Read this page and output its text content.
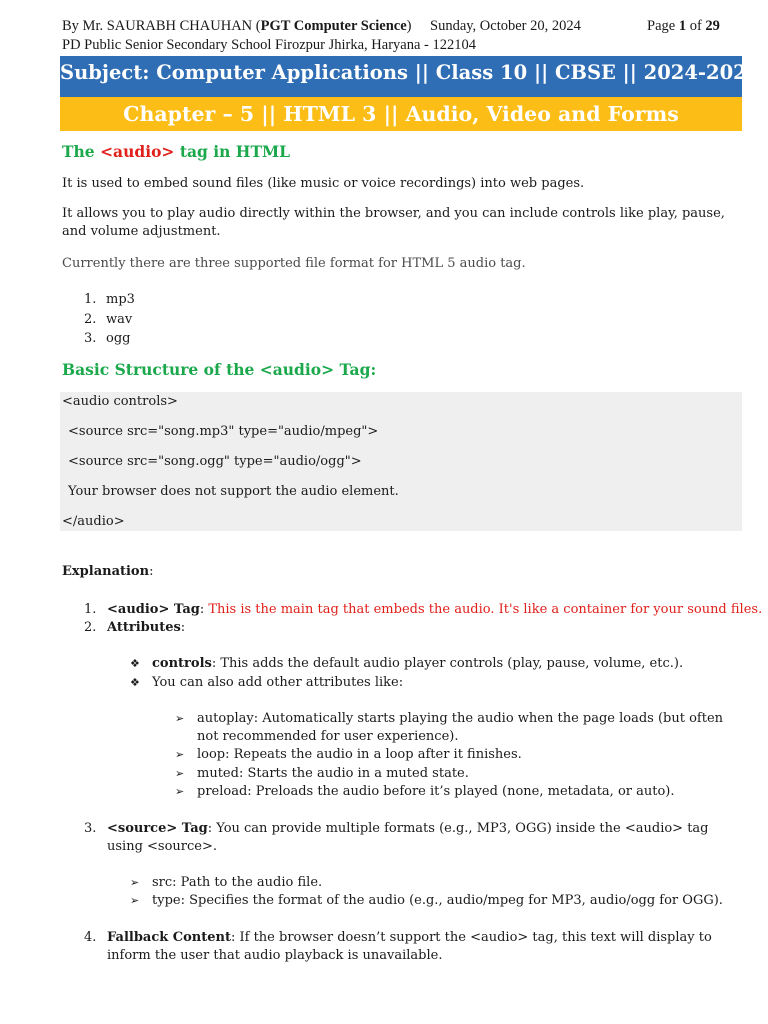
By Mr. SAURABH CHAUHAN (PGT Computer Science) Sunday, October 20, 2024	Page 1 of 29
PD Public Senior Secondary School Firozpur Jhirka, Haryana - 122104
Subject: Computer Applications || Class 10 || CBSE || 2024-2025
Chapter – 5 || HTML 3 || Audio, Video and Forms
The <audio> tag in HTML
It is used to embed sound files (like music or voice recordings) into web pages.
It allows you to play audio directly within the browser, and you can include controls like play, pause, and volume adjustment.
Currently there are three supported file format for HTML 5 audio tag.
1. mp3
2. wav
3. ogg
Basic Structure of the <audio> Tag:
<audio controls>
<source src="song.mp3" type="audio/mpeg">
<source src="song.ogg" type="audio/ogg">
Your browser does not support the audio element.
</audio>
Explanation:
1. <audio> Tag: This is the main tag that embeds the audio. It's like a container for your sound files.
2. Attributes:
❖ controls: This adds the default audio player controls (play, pause, volume, etc.).
❖ You can also add other attributes like:
➢ autoplay: Automatically starts playing the audio when the page loads (but often not recommended for user experience).
➢ loop: Repeats the audio in a loop after it finishes.
➢ muted: Starts the audio in a muted state.
➢ preload: Preloads the audio before it’s played (none, metadata, or auto).
3. <source> Tag: You can provide multiple formats (e.g., MP3, OGG) inside the <audio> tag using <source>.
➢ src: Path to the audio file.
➢ type: Specifies the format of the audio (e.g., audio/mpeg for MP3, audio/ogg for OGG).
4. Fallback Content: If the browser doesn’t support the <audio> tag, this text will display to inform the user that audio playback is unavailable.
